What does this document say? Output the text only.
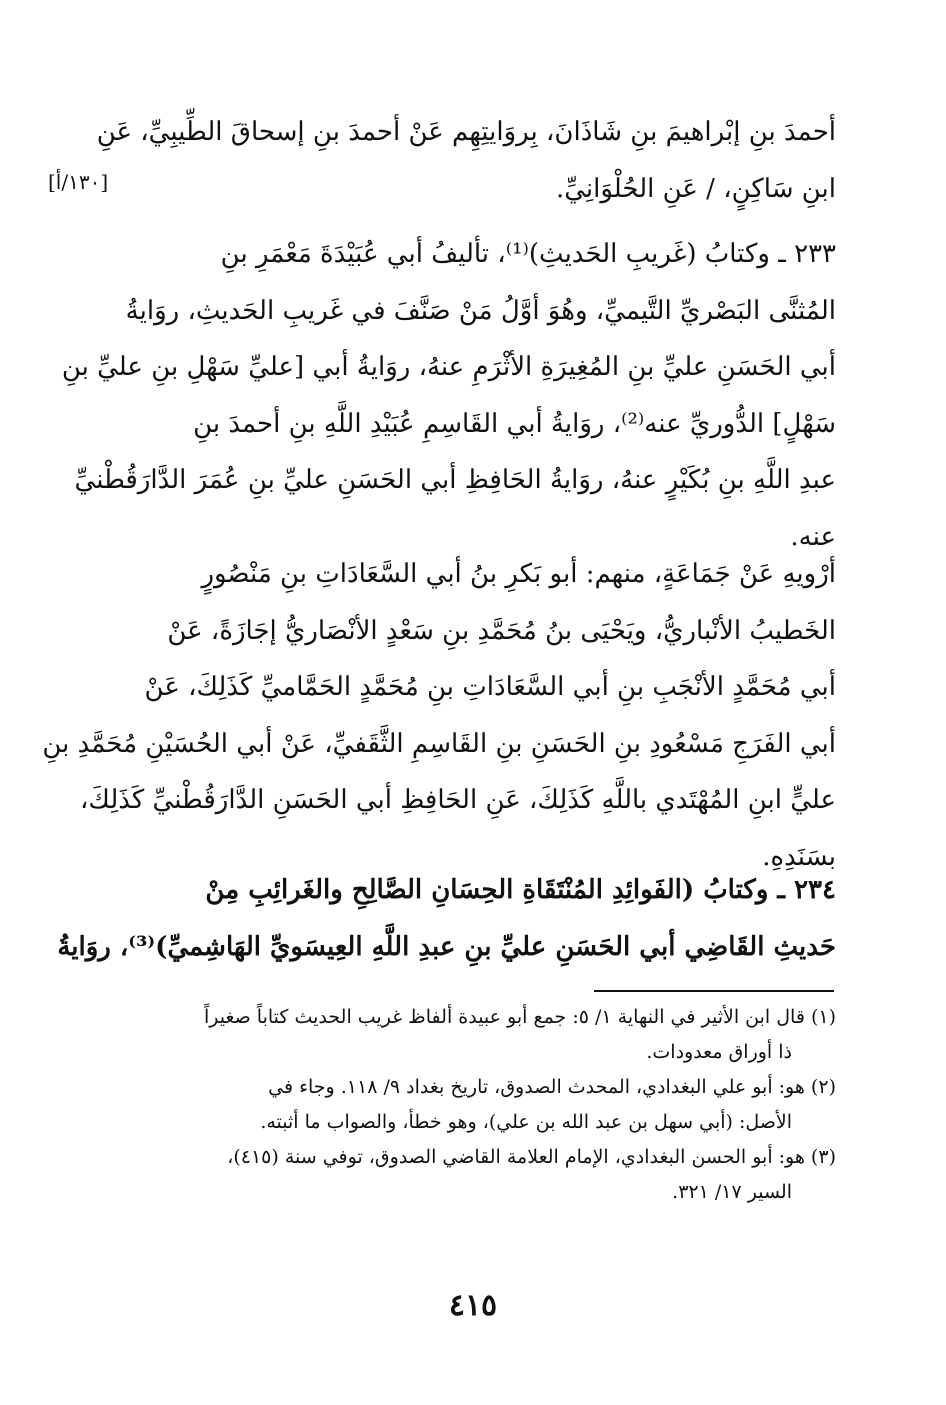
أحمدَ بنِ إبْراهيمَ بنِ شَاذَانَ، بِروَايتِهِم عَنْ أحمدَ بنِ إسحاقَ الطِّيبِيِّ، عَنِ
ابنِ سَاكِنٍ، / عَنِ الحُلْوَانِيِّ.
[١٣٠/أ]
٢٣٣ ـ وكتابُ (غَريبِ الحَديثِ)⁽¹⁾، تأليفُ أبي عُبَيْدَةَ مَعْمَرِ بنِ
المُثنَّى البَصْريِّ التَّيميِّ، وهُوَ أوَّلُ مَنْ صَنَّفَ في غَريبِ الحَديثِ، روَايةُ
أبي الحَسَنِ عليِّ بنِ المُغِيرَةِ الأثْرَمِ عنهُ، روَايةُ أبي [عليِّ سَهْلِ بنِ عليِّ بنِ
سَهْلٍ] الدُّوريِّ عنه⁽²⁾، روَايةُ أبي القَاسِمِ عُبَيْدِ اللَّهِ بنِ أحمدَ بنِ
عبدِ اللَّهِ بنِ بُكَيْرٍ عنهُ، روَايةُ الحَافِظِ أبي الحَسَنِ عليِّ بنِ عُمَرَ الدَّارَقُطْنيِّ
عنه.
أرْويهِ عَنْ جَمَاعَةٍ، منهم: أبو بَكرِ بنُ أبي السَّعَادَاتِ بنِ مَنْصُورٍ
الخَطيبُ الأنْباريُّ، ويَحْيَى بنُ مُحَمَّدِ بنِ سَعْدٍ الأنْصَاريُّ إجَازَةً، عَنْ
أبي مُحَمَّدٍ الأنْجَبِ بنِ أبي السَّعَادَاتِ بنِ مُحَمَّدٍ الحَمَّاميِّ كَذَلِكَ، عَنْ
أبي الفَرَجِ مَسْعُودِ بنِ الحَسَنِ بنِ القَاسِمِ الثَّقَفيِّ، عَنْ أبي الحُسَيْنِ مُحَمَّدِ بنِ
عليٍّ ابنِ المُهْتَدي باللَّهِ كَذَلِكَ، عَنِ الحَافِظِ أبي الحَسَنِ الدَّارَقُطْنيِّ كَذَلِكَ،
بسَنَدِهِ.
٢٣٤ ـ وكتابُ (الفَوائِدِ المُنْتَقَاةِ الحِسَانِ الصَّالِحِ والغَرائِبِ مِنْ
حَديثِ القَاضِي أبي الحَسَنِ عليِّ بنِ عبدِ اللَّهِ العِيسَويِّ الهَاشِميِّ)⁽³⁾، روَايةُ
(١) قال ابن الأثير في النهاية ١/ ٥: جمع أبو عبيدة ألفاظ غريب الحديث كتاباً صغيراً
ذا أوراق معدودات.
(٢) هو: أبو علي البغدادي، المحدث الصدوق، تاريخ بغداد ٩/ ١١٨. وجاء في
الأصل: (أبي سهل بن عبد الله بن علي)، وهو خطأ، والصواب ما أثبته.
(٣) هو: أبو الحسن البغدادي، الإمام العلامة القاضي الصدوق، توفي سنة (٤١٥)،
السير ١٧/ ٣٢١.
٤١٥
